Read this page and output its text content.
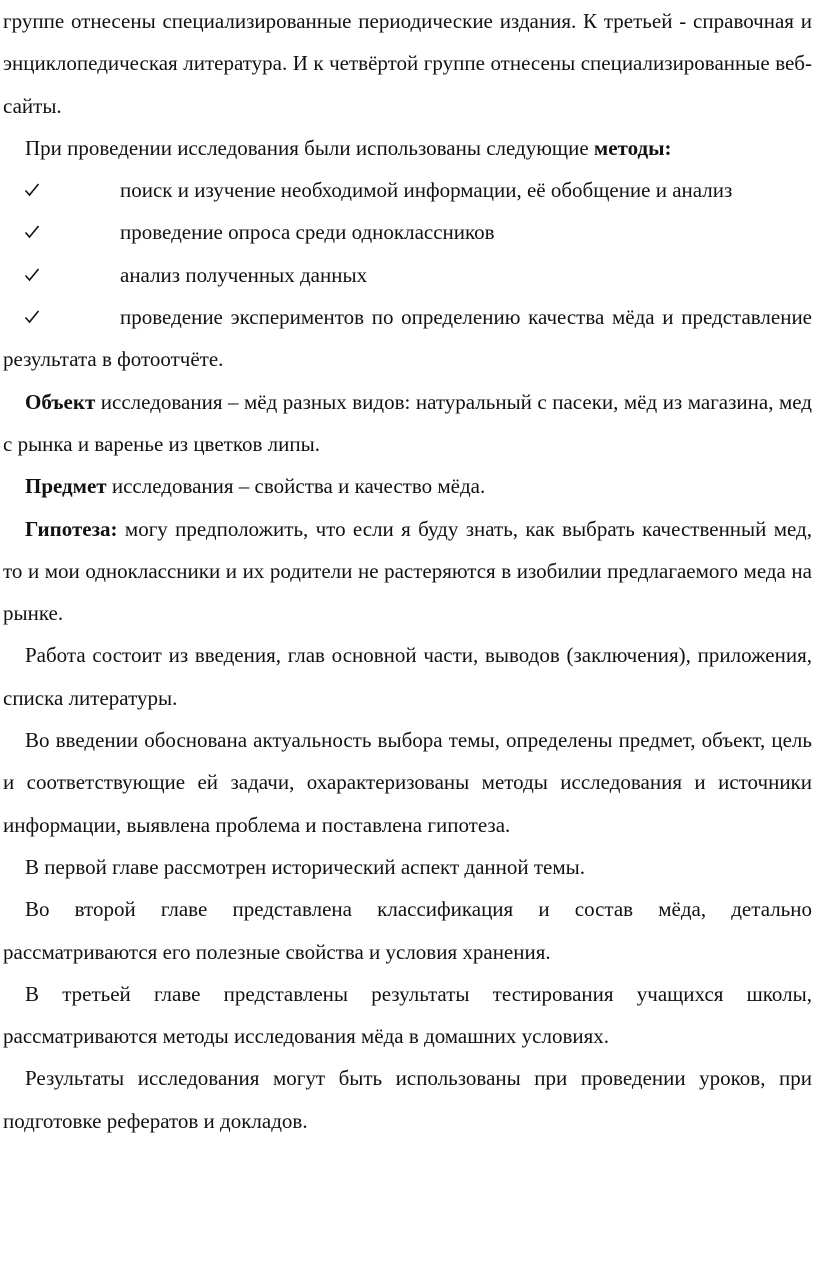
группе отнесены специализированные периодические издания. К третьей - справочная и энциклопедическая литература. И к четвёртой группе отнесены специализированные веб-сайты.

При проведении исследования были использованы следующие методы:

поиск и изучение необходимой информации, её обобщение и анализ

проведение опроса среди одноклассников

анализ полученных данных

проведение экспериментов по определению качества мёда и представление результата в фотоотчёте.

Объект исследования – мёд разных видов: натуральный с пасеки, мёд из магазина, мед с рынка и варенье из цветков липы.

Предмет исследования – свойства и качество мёда.

Гипотеза: могу предположить, что если я буду знать, как выбрать качественный мед, то и мои одноклассники и их родители не растеряются в изобилии предлагаемого меда на рынке.

Работа состоит из введения, глав основной части, выводов (заключения), приложения, списка литературы.

Во введении обоснована актуальность выбора темы, определены предмет, объект, цель и соответствующие ей задачи, охарактеризованы методы исследования и источники информации, выявлена проблема и поставлена гипотеза.

В первой главе рассмотрен исторический аспект данной темы.

Во второй главе представлена классификация и состав мёда, детально рассматриваются его полезные свойства и условия хранения.

В третьей главе представлены результаты тестирования учащихся школы, рассматриваются методы исследования мёда в домашних условиях.

Результаты исследования могут быть использованы при проведении уроков, при подготовке рефератов и докладов.
